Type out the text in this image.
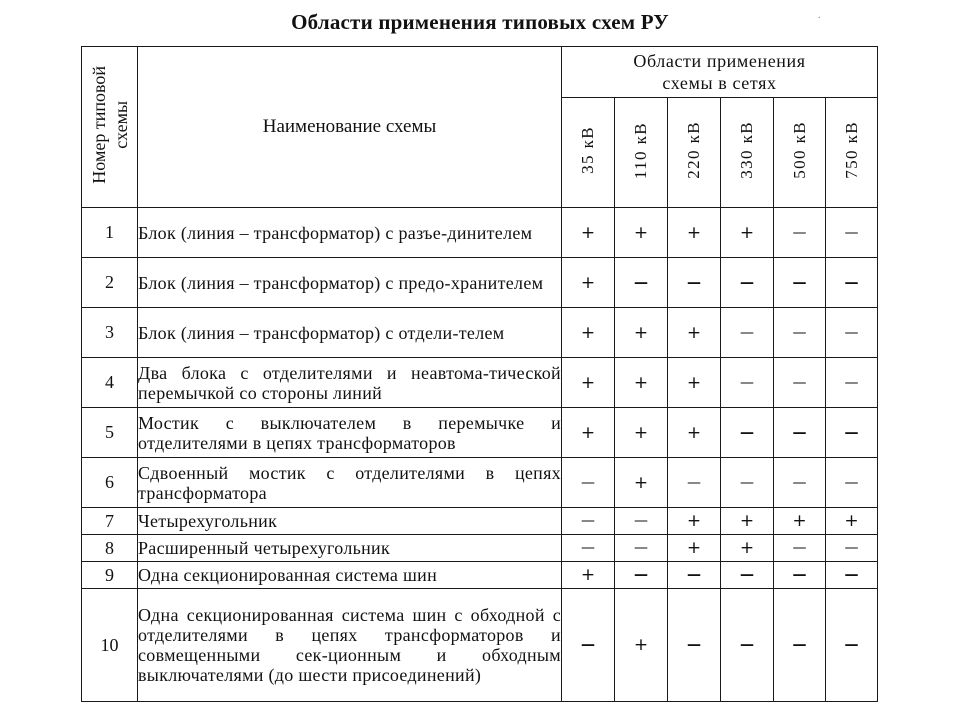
Области применения типовых схем РУ	.
Номер типовой схемы	Наименование схемы	Области применения
схемы в сетях					
		35 кВ	110 кВ	220 кВ	330 кВ	500 кВ	750 кВ
1	Блок (линия – трансформатор) с разъе-динителем	+	+	+	+	—	—
2	Блок (линия – трансформатор) с предо-хранителем	+	—	—	—	—	—
3	Блок (линия – трансформатор) с отдели-телем	+	+	+	—	—	—
4	Два блока с отделителями и неавтома-тической перемычкой со стороны линий	+	+	+	—	—	—
5	Мостик с выключателем в перемычке и отделителями в цепях трансформаторов	+	+	+	—	—	—
6	Сдвоенный мостик с отделителями в цепях трансформатора	—	+	—	—	—	—
7	Четырехугольник	—	—	+	+	+	+
8	Расширенный четырехугольник	—	—	+	+	—	—
9	Одна секционированная система шин	+	—	—	—	—	—
10	Одна секционированная система шин с обходной с отделителями в цепях трансформаторов и совмещенными сек-ционным и обходным выключателями (до шести присоединений)	—	+	—	—	—	—
